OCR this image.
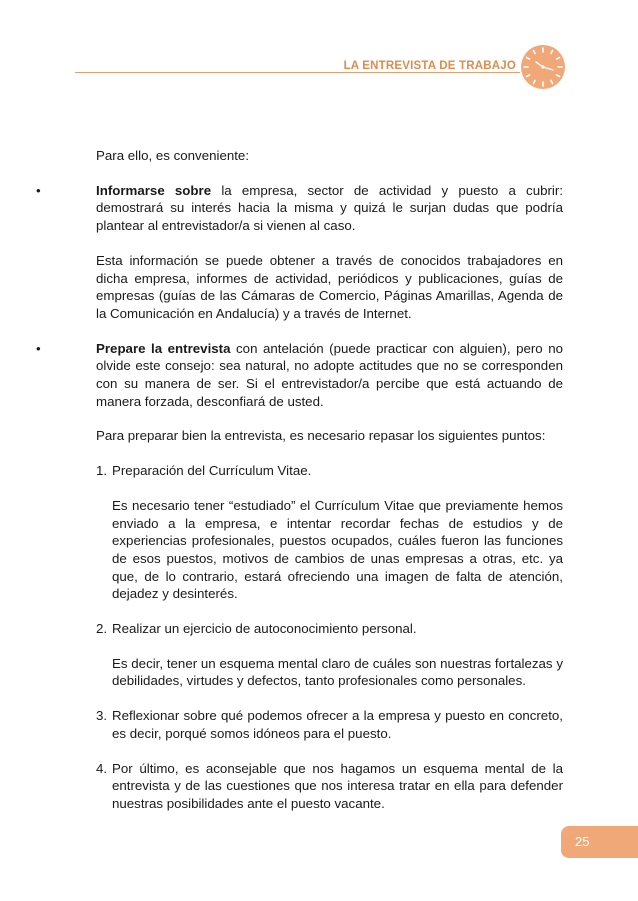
LA ENTREVISTA DE TRABAJO

Para ello, es conveniente:

•	Informarse sobre la empresa, sector de actividad y puesto a cubrir: demostrará su interés hacia la misma y quizá le surjan dudas que podría plantear al entrevistador/a si vienen al caso.

Esta información se puede obtener a través de conocidos trabajadores en dicha empresa, informes de actividad, periódicos y publicaciones, guías de empresas (guías de las Cámaras de Comercio, Páginas Amarillas, Agenda de la Comunicación en Andalucía) y a través de Internet.

•	Prepare la entrevista con antelación (puede practicar con alguien), pero no olvide este consejo: sea natural, no adopte actitudes que no se corresponden con su manera de ser. Si el entrevistador/a percibe que está actuando de manera forzada, desconfiará de usted.

Para preparar bien la entrevista, es necesario repasar los siguientes puntos:

1. Preparación del Currículum Vitae.

Es necesario tener “estudiado” el Currículum Vitae que previamente hemos enviado a la empresa, e intentar recordar fechas de estudios y de experiencias profesionales, puestos ocupados, cuáles fueron las funciones de esos puestos, motivos de cambios de unas empresas a otras, etc. ya que, de lo contrario, estará ofreciendo una imagen de falta de atención, dejadez y desinterés.

2. Realizar un ejercicio de autoconocimiento personal.

Es decir, tener un esquema mental claro de cuáles son nuestras fortalezas y debilidades, virtudes y defectos, tanto profesionales como personales.

3. Reflexionar sobre qué podemos ofrecer a la empresa y puesto en concreto, es decir, porqué somos idóneos para el puesto.

4. Por último, es aconsejable que nos hagamos un esquema mental de la entrevista y de las cuestiones que nos interesa tratar en ella para defender nuestras posibilidades ante el puesto vacante.

25
